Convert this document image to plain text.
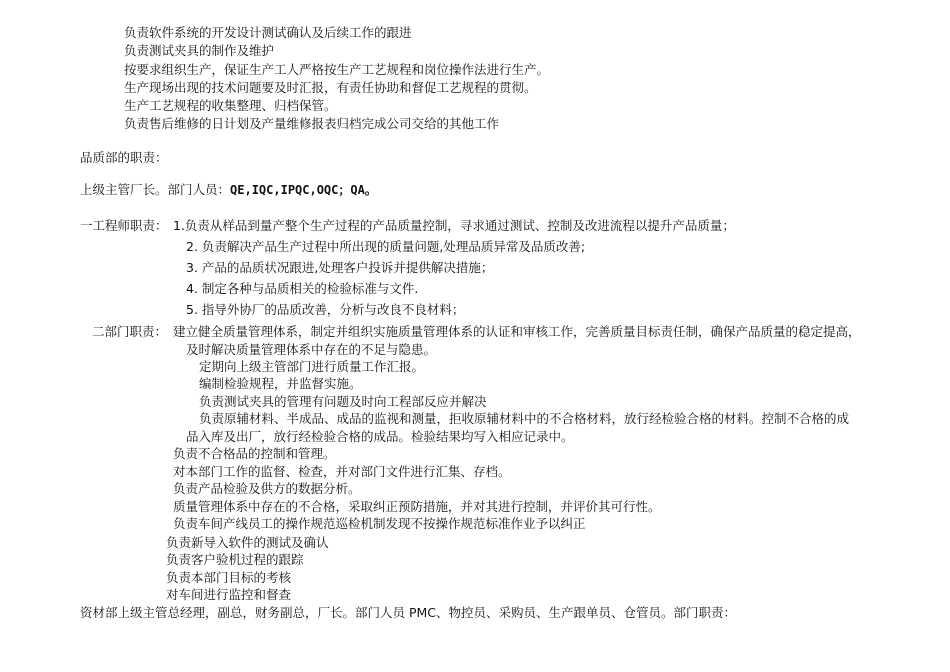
负责软件系统的开发设计测试确认及后续工作的跟进
负责测试夹具的制作及维护
按要求组织生产，保证生产工人严格按生产工艺规程和岗位操作法进行生产。
生产现场出现的技术问题要及时汇报，有责任协助和督促工艺规程的贯彻。
生产工艺规程的收集整理、归档保管。
负责售后维修的日计划及产量维修报表归档完成公司交给的其他工作
品质部的职责：
上级主管厂长。部门人员：QE,IQC,IPQC,OQC；QA。
一工程师职责： 1.负责从样品到量产整个生产过程的产品质量控制，寻求通过测试、控制及改进流程以提升产品质量；
2. 负责解决产品生产过程中所出现的质量问题,处理品质异常及品质改善;
3. 产品的品质状况跟进,处理客户投诉并提供解决措施；
4. 制定各种与品质相关的检验标准与文件.
5. 指导外协厂的品质改善，分析与改良不良材料；
二部门职责： 建立健全质量管理体系，制定并组织实施质量管理体系的认证和审核工作，完善质量目标责任制，确保产品质量的稳定提高，
及时解决质量管理体系中存在的不足与隐患。
定期向上级主管部门进行质量工作汇报。
编制检验规程，并监督实施。
负责测试夹具的管理有问题及时向工程部反应并解决
负责原辅材料、半成品、成品的监视和测量，拒收原辅材料中的不合格材料，放行经检验合格的材料。控制不合格的成
品入库及出厂，放行经检验合格的成品。检验结果均写入相应记录中。
负责不合格品的控制和管理。
对本部门工作的监督、检查，并对部门文件进行汇集、存档。
负责产品检验及供方的数据分析。
质量管理体系中存在的不合格，采取纠正预防措施，并对其进行控制，并评价其可行性。
负责车间产线员工的操作规范巡检机制发现不按操作规范标准作业予以纠正
负责新导入软件的测试及确认
负责客户验机过程的跟踪
负责本部门目标的考核
对车间进行监控和督查
资材部上级主管总经理，副总，财务副总，厂长。部门人员 PMC、物控员、采购员、生产跟单员、仓管员。部门职责：
